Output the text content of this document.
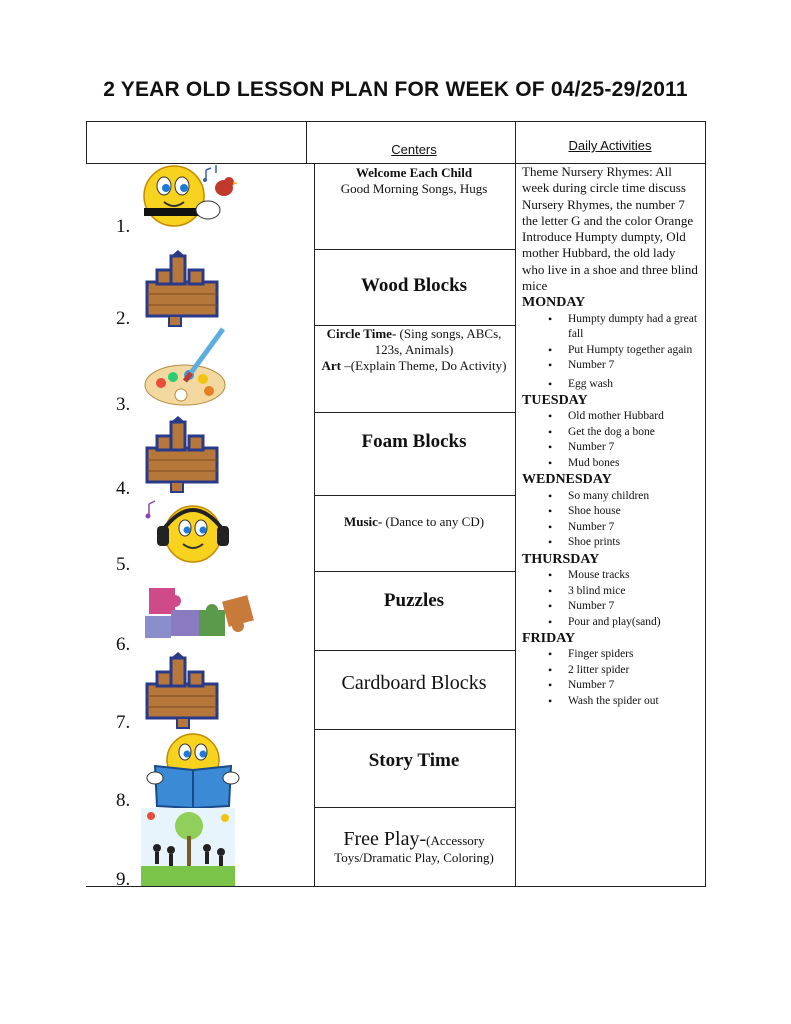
2 YEAR OLD LESSON PLAN FOR WEEK OF 04/25-29/2011
Centers	Daily Activities
1.
2.
3.
4.
5.
6.
7.
8.
9.
Welcome Each Child
Good Morning Songs, Hugs
Wood Blocks
Circle Time- (Sing songs, ABCs, 123s, Animals)
Art –(Explain Theme, Do Activity)
Foam Blocks
Music- (Dance to any CD)
Puzzles
Cardboard Blocks
Story Time
Free Play-(Accessory
Toys/Dramatic Play, Coloring)
Theme Nursery Rhymes: All week during circle time discuss Nursery Rhymes, the number 7 the letter G and the color Orange
Introduce Humpty dumpty, Old mother Hubbard, the old lady who live in a shoe and three blind mice
MONDAY
• Humpty dumpty had a great fall
• Put Humpty together again
• Number 7
• Egg wash
TUESDAY
• Old mother Hubbard
• Get the dog a bone
• Number 7
• Mud bones
WEDNESDAY
• So many children
• Shoe house
• Number 7
• Shoe prints
THURSDAY
• Mouse tracks
• 3 blind mice
• Number 7
• Pour and play(sand)
FRIDAY
• Finger spiders
• 2 litter spider
• Number 7
• Wash the spider out
